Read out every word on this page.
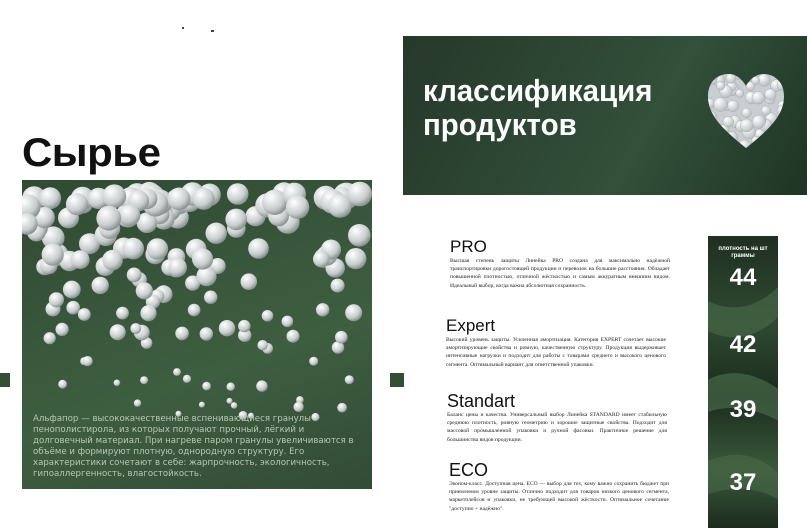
Сырье
Альфапор — высококачественные вспенивающиеся гранулы пенополистирола, из которых получают прочный, лёгкий и долговечный материал. При нагреве паром гранулы увеличиваются в объёме и формируют плотную, однородную структуру. Его характеристики сочетают в себе: жарпрочность, экологичность, гипоаллергенность, влагостойкость.
классификация
продуктов
PRO
Высшая степень защиты Линейка PRO создана для максимально надёжной транспортировки дорогостоящей продукции и перевозок на большие расстояния. Обладает повышенной плотностью, отличной жёсткостью и самым аккуратным внешним видом. Идеальный выбор, когда важна абсолютная сохранность.
Expert
Высокий уровень защиты. Усиленная амортизация. Категория EXPERT сочетает высокие амортизирующие свойства и ровную, качественную структуру. Продукция выдерживает интенсивные нагрузки и подходит для работы с товарами среднего и высокого ценового сегмента. Оптимальный вариант для ответственной упаковки.
Standart
Баланс цены и качества. Универсальный выбор Линейка STANDARD имеет стабильную среднюю плотность, ровную геометрию и хорошие защитные свойства. Подходит для массовой промышленной упаковки и ручной фасовки. Практичное решение для большинства видов продукции.
ECO
Эконом-класс. Доступная цена. ECO — выбор для тех, кому важно сохранить бюджет при приемлемом уровне защиты. Отлично подходит для товаров низкого ценового сегмента, маркетплейсов и упаковки, не требующей высокой жёсткости. Оптимальное сочетание "доступно + надёжно".
плотность на шт граммы
44
42
39
37
